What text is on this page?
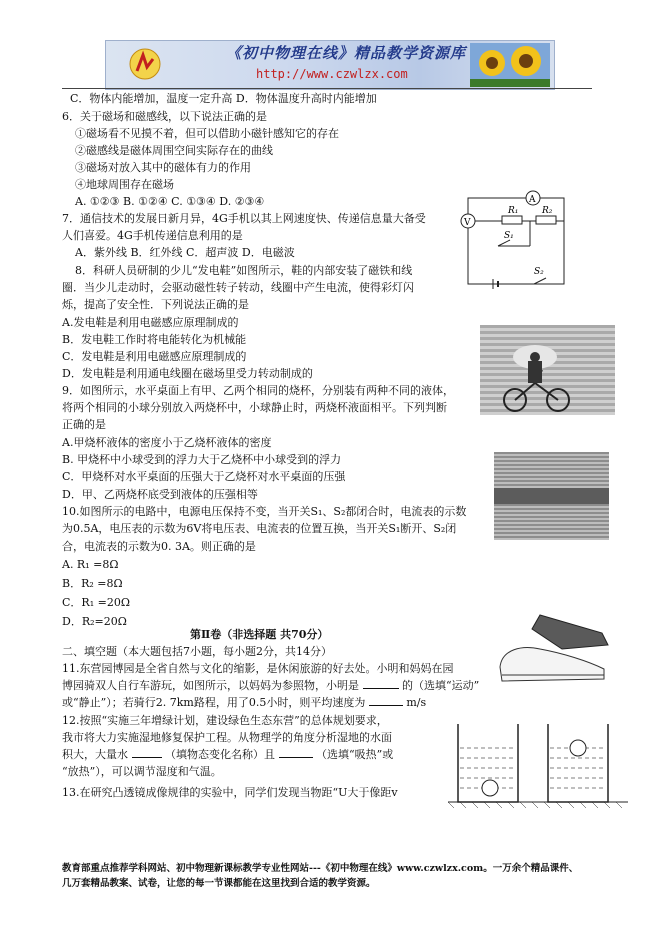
《初中物理在线》精品教学资源库
http://www.czwlzx.com
C．物体内能增加，温度一定升高 D．物体温度升高时内能增加
6．关于磁场和磁感线，以下说法正确的是
①磁场看不见摸不着，但可以借助小磁针感知它的存在
②磁感线是磁体周围空间实际存在的曲线
③磁场对放入其中的磁体有力的作用
④地球周围存在磁场
A. ①②③ B. ①②④ C. ①③④ D. ②③④
7．通信技术的发展日新月异，4G手机以其上网速度快、传递信息量大备受
人们喜爱。4G手机传递信息利用的是
A．紫外线 B．红外线 C．超声波 D．电磁波
8．科研人员研制的少儿“发电鞋”如图所示，鞋的内部安装了磁铁和线
圈．当少儿走动时，会驱动磁性转子转动，线圈中产生电流，使得彩灯闪
烁，提高了安全性．下列说法正确的是
A.发电鞋是利用电磁感应原理制成的
B．发电鞋工作时将电能转化为机械能
C．发电鞋是利用电磁感应原理制成的
D．发电鞋是利用通电线圈在磁场里受力转动制成的
9．如图所示，水平桌面上有甲、乙两个相同的烧杯，分别装有两种不同的液体，
将两个相同的小球分别放入两烧杯中，小球静止时，两烧杯液面相平。下列判断
正确的是
A.甲烧杯液体的密度小于乙烧杯液体的密度
B. 甲烧杯中小球受到的浮力大于乙烧杯中小球受到的浮力
C．甲烧杯对水平桌面的压强大于乙烧杯对水平桌面的压强
D．甲、乙两烧杯底受到液体的压强相等
10.如图所示的电路中，电源电压保持不变，当开关S₁、S₂都闭合时，电流表的示数
为0.5A，电压表的示数为6V将电压表、电流表的位置互换，当开关S₁断开、S₂闭
合，电流表的示数为0. 3A。则正确的是
A. R₁ =8Ω
B．R₂ =8Ω
C．R₁ =20Ω
D．R₂=20Ω
V
A
R₁	R₂
S₁
S₂
第Ⅱ卷（非选择题 共70分）
二、填空题（本大题包括7小题，每小题2分，共14分）
11.东营园博园是全省自然与文化的缩影，是休闲旅游的好去处。小明和妈妈在园
博园骑双人自行车游玩，如图所示，以妈妈为参照物，小明是	的（选填“运动”
或“静止”）；若骑行2. 7km路程，用了0.5小时，则平均速度为	m/s
12.按照“实施三年增绿计划，建设绿色生态东营”的总体规划要求，
我市将大力实施湿地修复保护工程。从物理学的角度分析湿地的水面
积大，大量水	（填物态变化名称）且	（选填“吸热”或
“放热”），可以调节湿度和气温。
13.在研究凸透镜成像规律的实验中，同学们发现当物距“U大于像距v
教育部重点推荐学科网站、初中物理新课标教学专业性网站---《初中物理在线》www.czwlzx.com。一万余个精品课件、
几万套精品教案、试卷，让您的每一节课都能在这里找到合适的教学资源。
